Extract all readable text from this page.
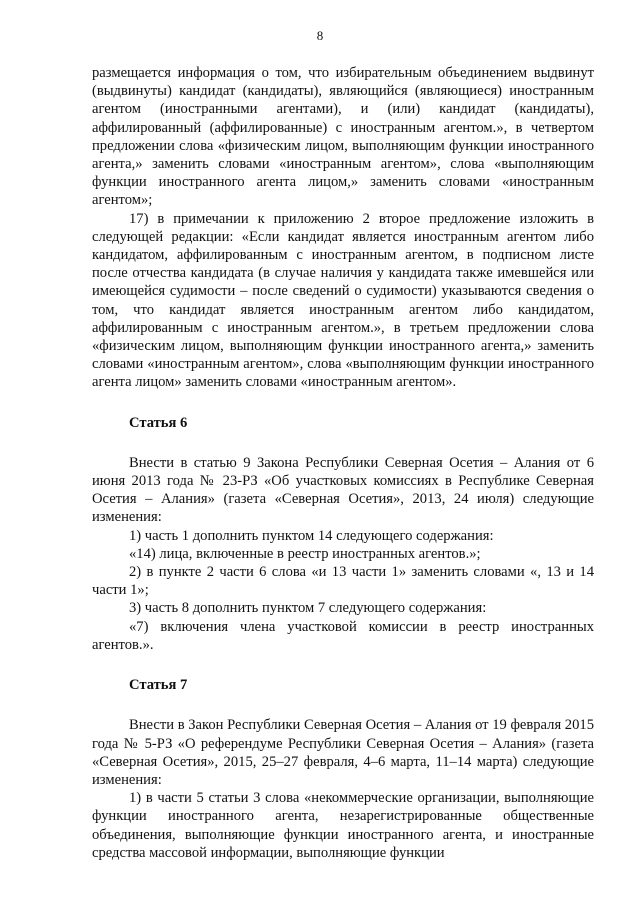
8

размещается информация о том, что избирательным объединением выдвинут (выдвинуты) кандидат (кандидаты), являющийся (являющиеся) иностранным агентом (иностранными агентами), и (или) кандидат (кандидаты), аффилированный (аффилированные) с иностранным агентом.», в четвертом предложении слова «физическим лицом, выполняющим функции иностранного агента,» заменить словами «иностранным агентом», слова «выполняющим функции иностранного агента лицом,» заменить словами «иностранным агентом»;

17) в примечании к приложению 2 второе предложение изложить в следующей редакции: «Если кандидат является иностранным агентом либо кандидатом, аффилированным с иностранным агентом, в подписном листе после отчества кандидата (в случае наличия у кандидата также имевшейся или имеющейся судимости – после сведений о судимости) указываются сведения о том, что кандидат является иностранным агентом либо кандидатом, аффилированным с иностранным агентом.», в третьем предложении слова «физическим лицом, выполняющим функции иностранного агента,» заменить словами «иностранным агентом», слова «выполняющим функции иностранного агента лицом» заменить словами «иностранным агентом».

Статья 6

Внести в статью 9 Закона Республики Северная Осетия – Алания от 6 июня 2013 года № 23-РЗ «Об участковых комиссиях в Республике Северная Осетия – Алания» (газета «Северная Осетия», 2013, 24 июля) следующие изменения:

1) часть 1 дополнить пунктом 14 следующего содержания:

«14) лица, включенные в реестр иностранных агентов.»;

2) в пункте 2 части 6 слова «и 13 части 1» заменить словами «, 13 и 14 части 1»;

3) часть 8 дополнить пунктом 7 следующего содержания:

«7) включения члена участковой комиссии в реестр иностранных агентов.».

Статья 7

Внести в Закон Республики Северная Осетия – Алания от 19 февраля 2015 года № 5-РЗ «О референдуме Республики Северная Осетия – Алания» (газета «Северная Осетия», 2015, 25–27 февраля, 4–6 марта, 11–14 марта) следующие изменения:

1) в части 5 статьи 3 слова «некоммерческие организации, выполняющие функции иностранного агента, незарегистрированные общественные объединения, выполняющие функции иностранного агента, и иностранные средства массовой информации, выполняющие функции
